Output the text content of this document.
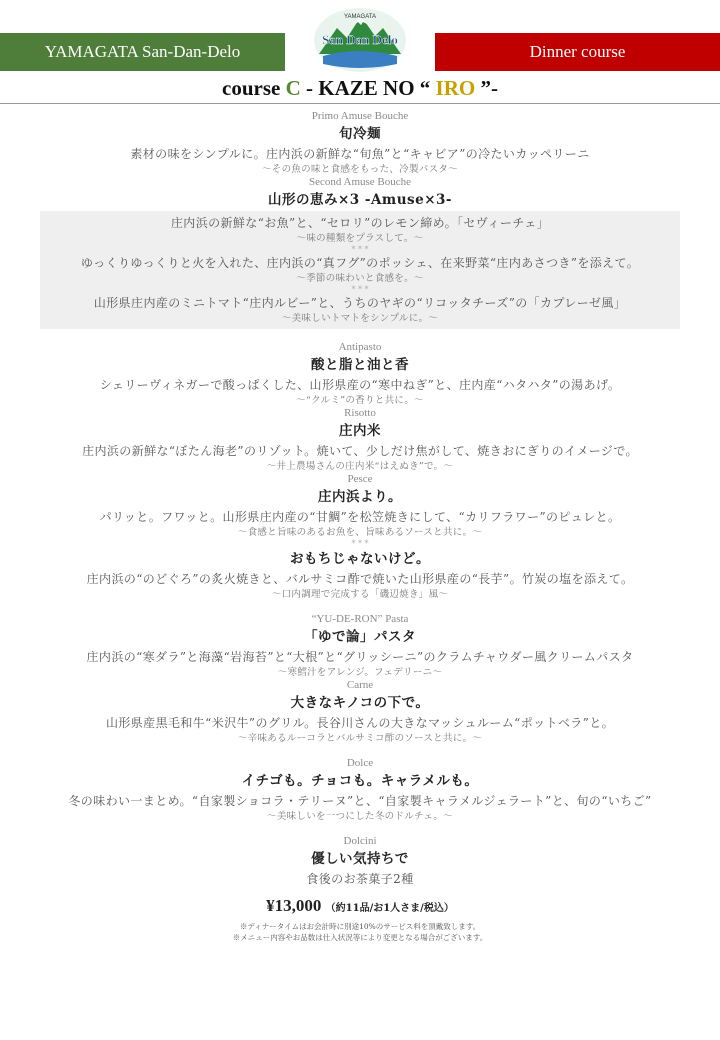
YAMAGATA San-Dan-Delo	Dinner course
YAMAGATA
San Dan Delo
course C - KAZE NO “ IRO ”-
Primo Amuse Bouche
旬冷麺
素材の味をシンプルに。庄内浜の新鮮な“旬魚”と“キャビア”の冷たいカッペリーニ
〜その魚の味と食感をもった、冷製パスタ〜
Second Amuse Bouche
山形の恵み×3 -Amuse×3-
庄内浜の新鮮な“お魚”と、“セロリ”のレモン締め。「セヴィーチェ」
〜味の種類をプラスして。〜
* * *
ゆっくりゆっくりと火を入れた、庄内浜の“真フグ”のポッシェ、在来野菜“庄内あさつき”を添えて。
〜季節の味わいと食感を。〜
* * *
山形県庄内産のミニトマト“庄内ルビー”と、うちのヤギの“リコッタチーズ”の「カプレーゼ風」
〜美味しいトマトをシンプルに。〜
Antipasto
酸と脂と油と香
シェリーヴィネガーで酸っぱくした、山形県産の“寒中ねぎ”と、庄内産“ハタハタ”の湯あげ。
〜“クルミ”の香りと共に。〜
Risotto
庄内米
庄内浜の新鮮な“ぼたん海老”のリゾット。焼いて、少しだけ焦がして、焼きおにぎりのイメージで。
〜井上農場さんの庄内米“はえぬき”で。〜
Pesce
庄内浜より。
パリッと。フワッと。山形県庄内産の“甘鯛”を松笠焼きにして、“カリフラワー”のピュレと。
〜食感と旨味のあるお魚を、旨味あるソースと共に。〜
* * *
おもちじゃないけど。
庄内浜の“のどぐろ”の炙火焼きと、バルサミコ酢で焼いた山形県産の“長芋”。竹炭の塩を添えて。
〜口内調理で完成する「磯辺焼き」風〜
“YU-DE-RON” Pasta
「ゆで論」パスタ
庄内浜の“寒ダラ”と海藻“岩海苔”と“大根”と“グリッシーニ”のクラムチャウダー風クリームパスタ
〜寒鱈汁をアレンジ。フェデリーニ〜
Carne
大きなキノコの下で。
山形県産黒毛和牛“米沢牛”のグリル。長谷川さんの大きなマッシュルーム“ポットベラ”と。
〜辛味あるルーコラとバルサミコ酢のソースと共に。〜
Dolce
イチゴも。チョコも。キャラメルも。
冬の味わい一まとめ。“自家製ショコラ・テリーヌ”と、“自家製キャラメルジェラート”と、旬の“いちご”
〜美味しいを一つにした冬のドルチェ。〜
Dolcini
優しい気持ちで
食後のお茶菓子2種
¥13,000 （約11品/お1人さま/税込）
※ディナータイムはお会計時に別途10%のサービス料を頂戴致します。
※メニュー内容やお品数は仕入状況等により変更となる場合がございます。
